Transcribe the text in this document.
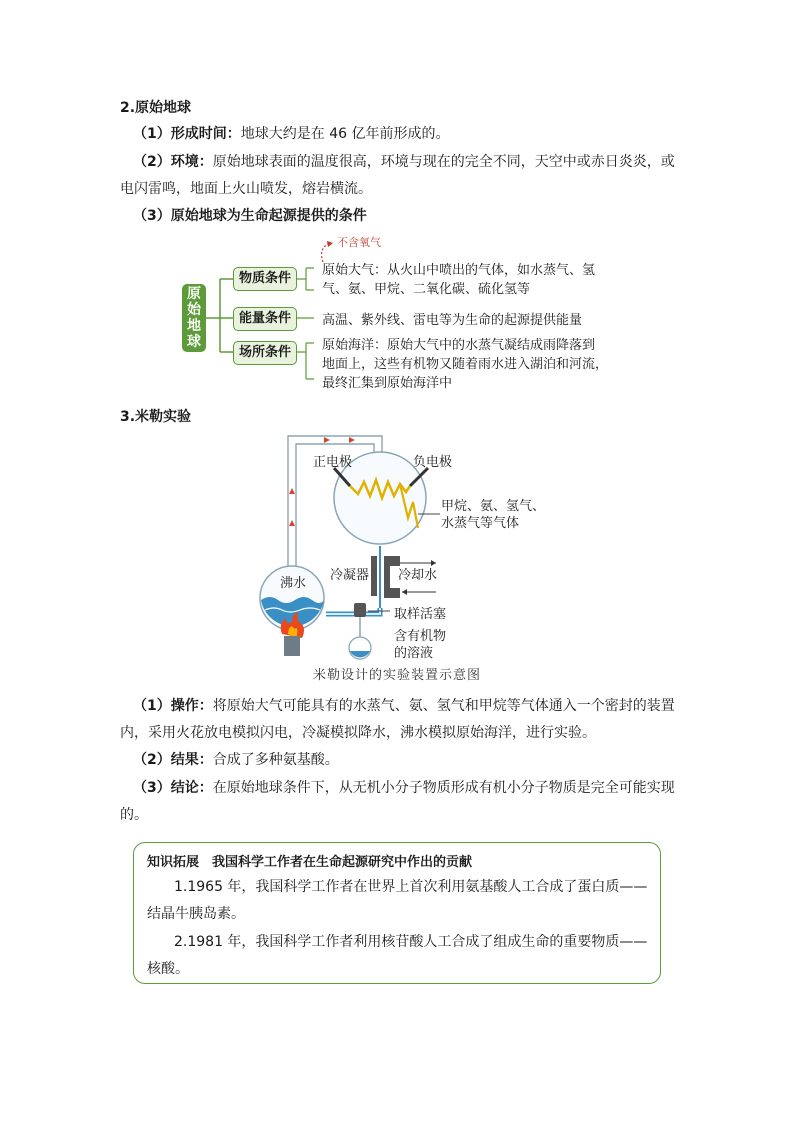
2.原始地球
（1）形成时间：地球大约是在 46 亿年前形成的。
（2）环境：原始地球表面的温度很高，环境与现在的完全不同，天空中或赤日炎炎，或
电闪雷鸣，地面上火山喷发，熔岩横流。
（3）原始地球为生命起源提供的条件
原始地球
物质条件
能量条件
场所条件
不含氧气
原始大气：从火山中喷出的气体，如水蒸气、氢
气、氨、甲烷、二氧化碳、硫化氢等
高温、紫外线、雷电等为生命的起源提供能量
原始海洋：原始大气中的水蒸气凝结成雨降落到
地面上，这些有机物又随着雨水进入湖泊和河流，
最终汇集到原始海洋中
3.米勒实验
正电极	负电极
甲烷、氨、氢气、
水蒸气等气体
沸水
冷凝器 冷却水
取样活塞
含有机物
的溶液
米勒设计的实验装置示意图
（1）操作：将原始大气可能具有的水蒸气、氨、氢气和甲烷等气体通入一个密封的装置
内，采用火花放电模拟闪电，冷凝模拟降水，沸水模拟原始海洋，进行实验。
（2）结果：合成了多种氨基酸。
（3）结论：在原始地球条件下，从无机小分子物质形成有机小分子物质是完全可能实现
的。
知识拓展　我国科学工作者在生命起源研究中作出的贡献
1.1965 年，我国科学工作者在世界上首次利用氨基酸人工合成了蛋白质——
结晶牛胰岛素。
2.1981 年，我国科学工作者利用核苷酸人工合成了组成生命的重要物质——
核酸。
